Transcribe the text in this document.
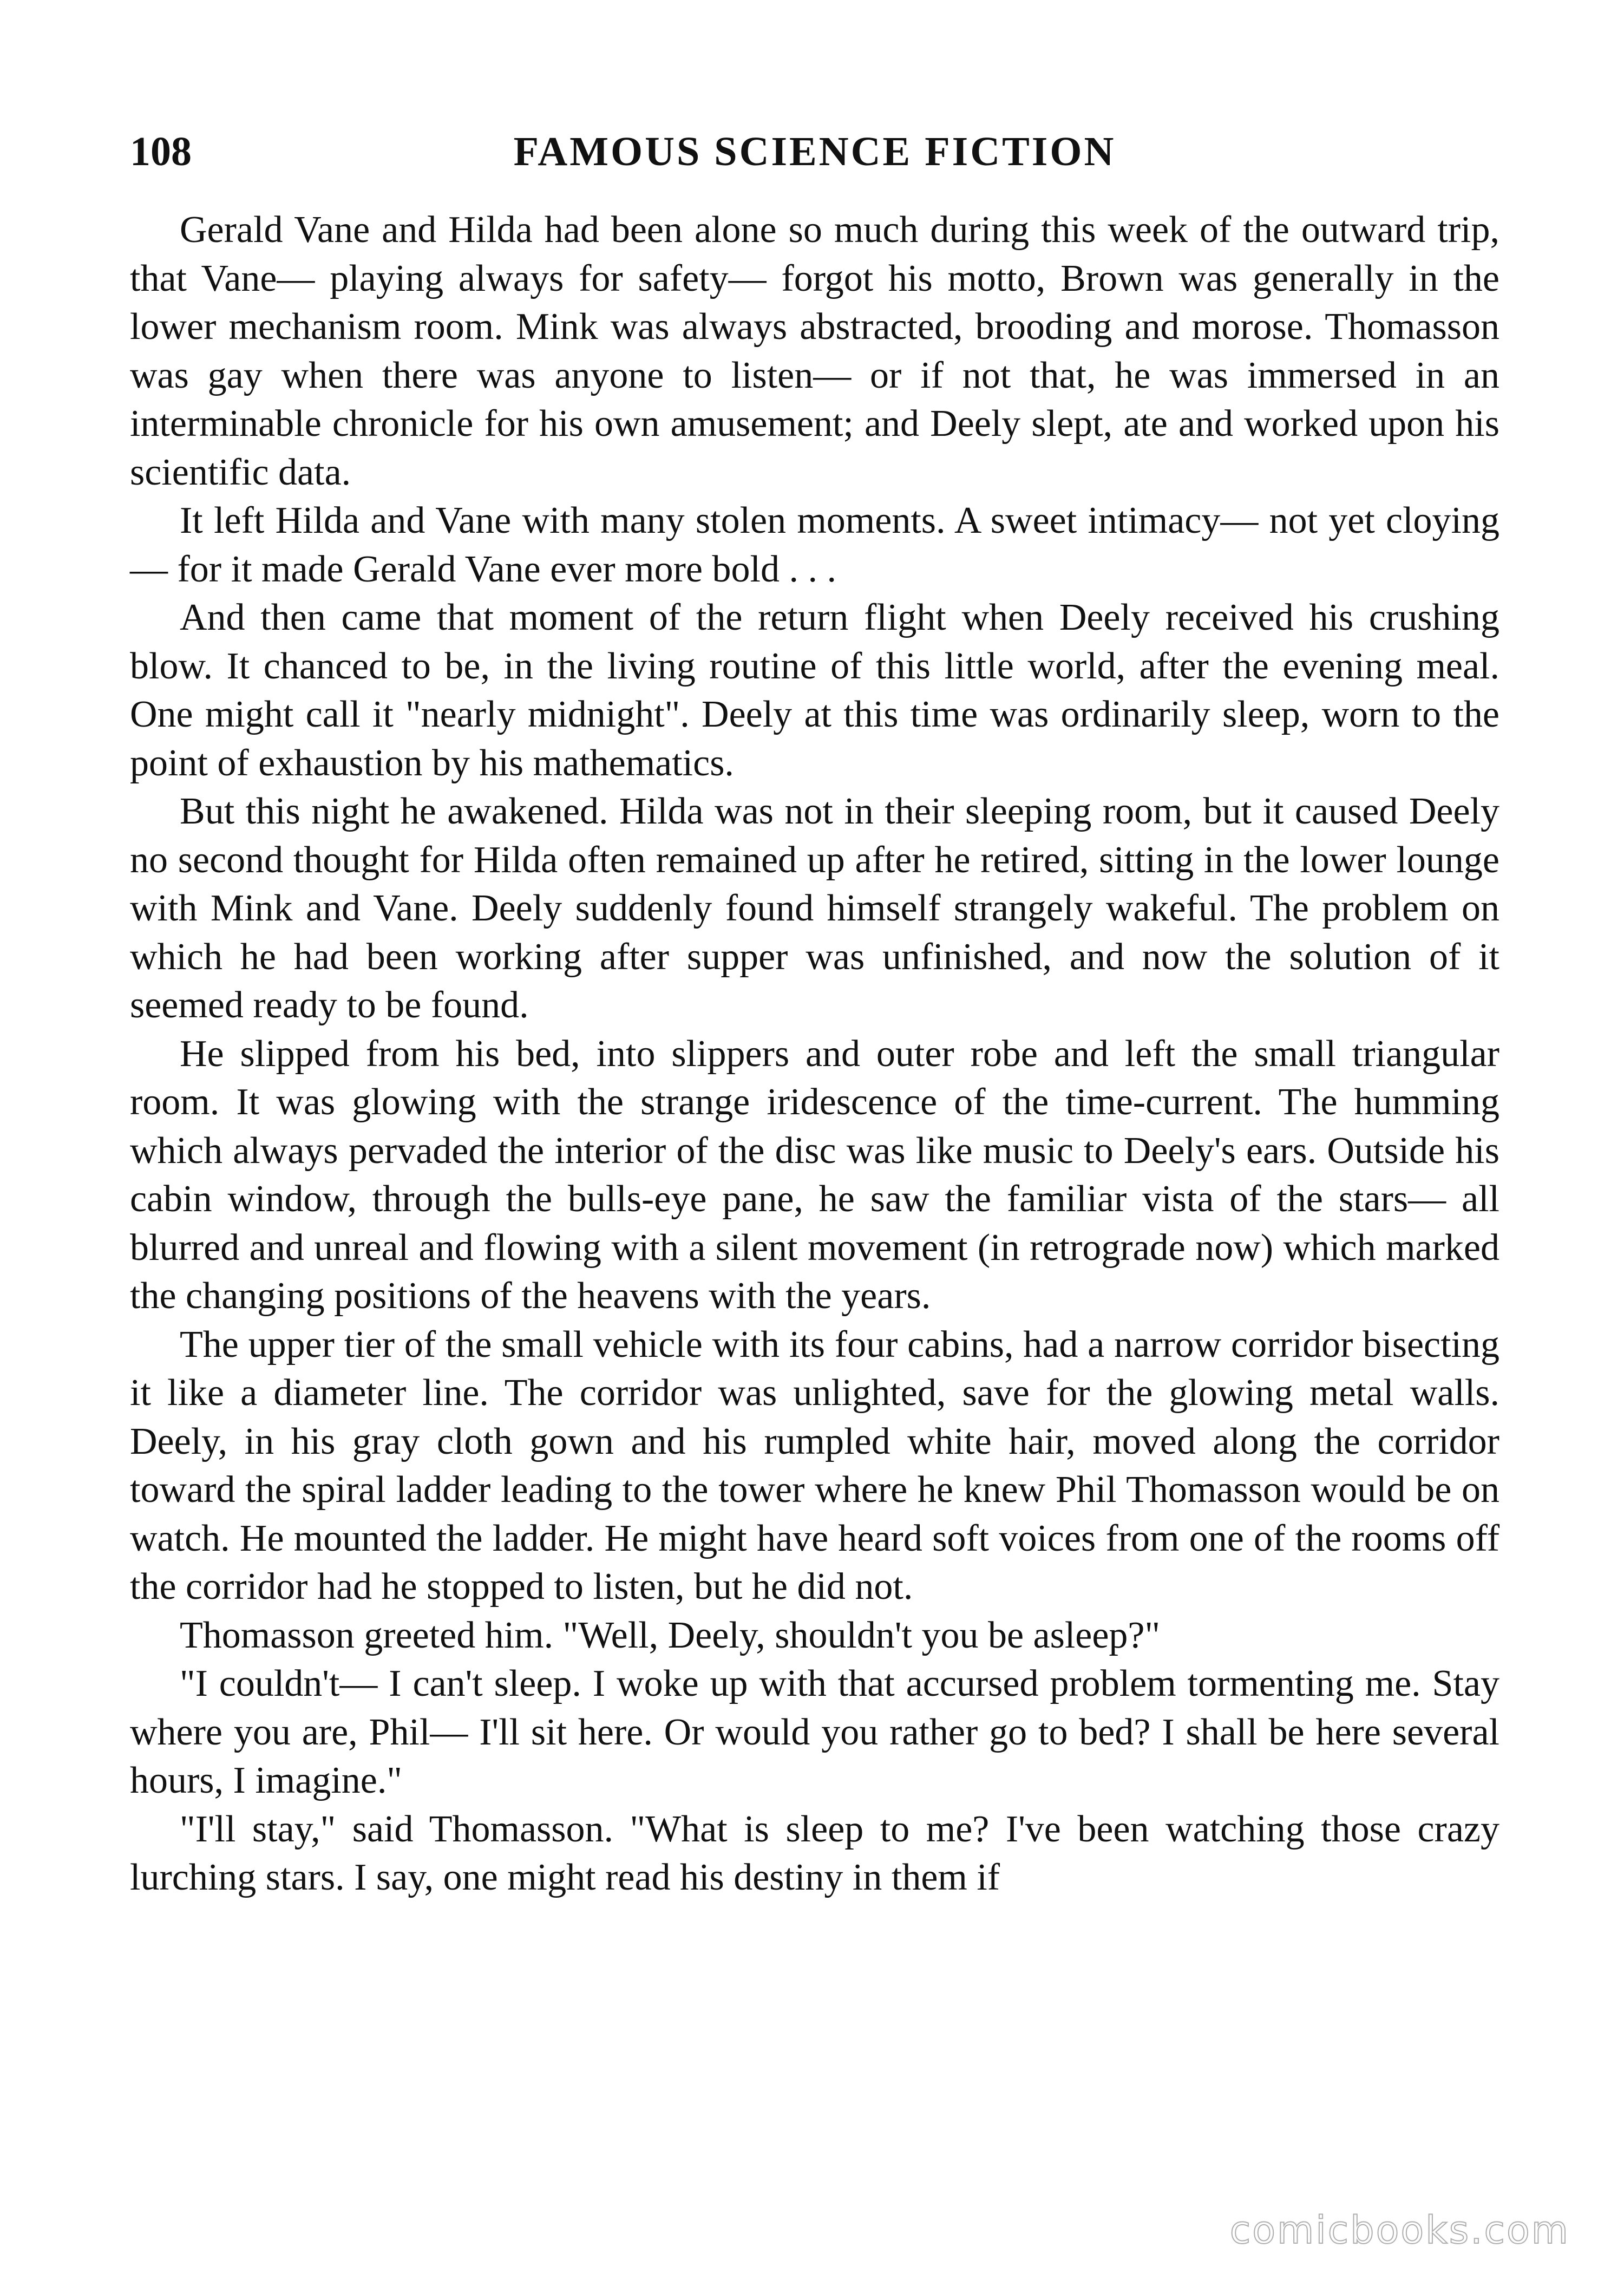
108	FAMOUS SCIENCE FICTION

Gerald Vane and Hilda had been alone so much during this week of the outward trip, that Vane— playing always for safety— forgot his motto, Brown was generally in the lower mechanism room. Mink was always abstracted, brooding and morose. Thomasson was gay when there was anyone to listen— or if not that, he was immersed in an interminable chronicle for his own amusement; and Deely slept, ate and worked upon his scientific data.

It left Hilda and Vane with many stolen moments. A sweet intimacy— not yet cloying— for it made Gerald Vane ever more bold . . .

And then came that moment of the return flight when Deely received his crushing blow. It chanced to be, in the living routine of this little world, after the evening meal. One might call it "nearly midnight". Deely at this time was ordinarily sleep, worn to the point of exhaustion by his mathematics.

But this night he awakened. Hilda was not in their sleeping room, but it caused Deely no second thought for Hilda often remained up after he retired, sitting in the lower lounge with Mink and Vane. Deely suddenly found himself strangely wakeful. The problem on which he had been working after supper was unfinished, and now the solution of it seemed ready to be found.

He slipped from his bed, into slippers and outer robe and left the small triangular room. It was glowing with the strange iridescence of the time-current. The humming which always pervaded the interior of the disc was like music to Deely's ears. Outside his cabin window, through the bulls-eye pane, he saw the familiar vista of the stars— all blurred and unreal and flowing with a silent movement (in retrograde now) which marked the changing positions of the heavens with the years.

The upper tier of the small vehicle with its four cabins, had a narrow corridor bisecting it like a diameter line. The corridor was unlighted, save for the glowing metal walls. Deely, in his gray cloth gown and his rumpled white hair, moved along the corridor toward the spiral ladder leading to the tower where he knew Phil Thomasson would be on watch. He mounted the ladder. He might have heard soft voices from one of the rooms off the corridor had he stopped to listen, but he did not.

Thomasson greeted him. "Well, Deely, shouldn't you be asleep?"

"I couldn't— I can't sleep. I woke up with that accursed problem tormenting me. Stay where you are, Phil— I'll sit here. Or would you rather go to bed? I shall be here several hours, I imagine."

"I'll stay," said Thomasson. "What is sleep to me? I've been watching those crazy lurching stars. I say, one might read his destiny in them if

comicbooks.com
